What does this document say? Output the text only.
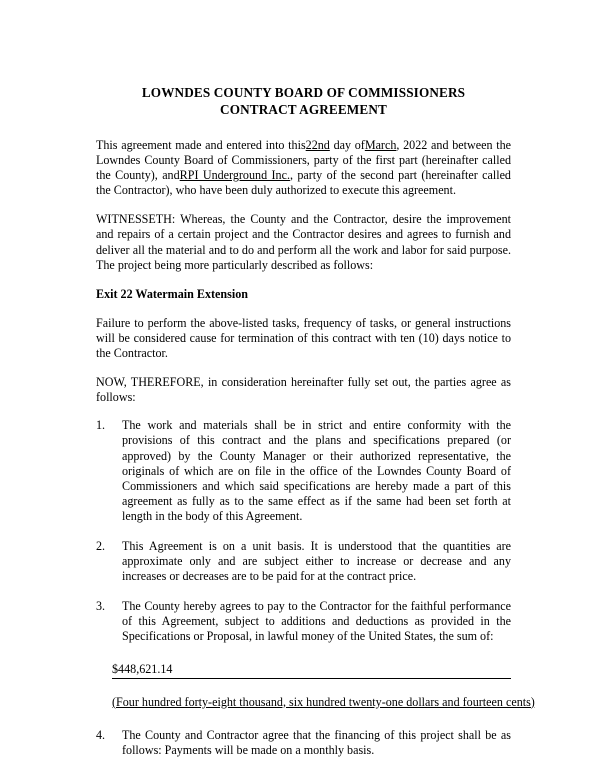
LOWNDES COUNTY BOARD OF COMMISSIONERS
CONTRACT AGREEMENT

This agreement made and entered into this22nd day ofMarch, 2022 and between the Lowndes County Board of Commissioners, party of the first part (hereinafter called the County), andRPI Underground Inc., party of the second part (hereinafter called the Contractor), who have been duly authorized to execute this agreement.

WITNESSETH: Whereas, the County and the Contractor, desire the improvement and repairs of a certain project and the Contractor desires and agrees to furnish and deliver all the material and to do and perform all the work and labor for said purpose. The project being more particularly described as follows:

Exit 22 Watermain Extension

Failure to perform the above-listed tasks, frequency of tasks, or general instructions will be considered cause for termination of this contract with ten (10) days notice to the Contractor.

NOW, THEREFORE, in consideration hereinafter fully set out, the parties agree as follows:

1.	The work and materials shall be in strict and entire conformity with the provisions of this contract and the plans and specifications prepared (or approved) by the County Manager or their authorized representative, the originals of which are on file in the office of the Lowndes County Board of Commissioners and which said specifications are hereby made a part of this agreement as fully as to the same effect as if the same had been set forth at length in the body of this Agreement.
2.	This Agreement is on a unit basis. It is understood that the quantities are approximate only and are subject either to increase or decrease and any increases or decreases are to be paid for at the contract price.
3.	The County hereby agrees to pay to the Contractor for the faithful performance of this Agreement, subject to additions and deductions as provided in the Specifications or Proposal, in lawful money of the United States, the sum of:
$448,621.14
(Four hundred forty-eight thousand, six hundred twenty-one dollars and fourteen cents)
4.	The County and Contractor agree that the financing of this project shall be as follows: Payments will be made on a monthly basis.
